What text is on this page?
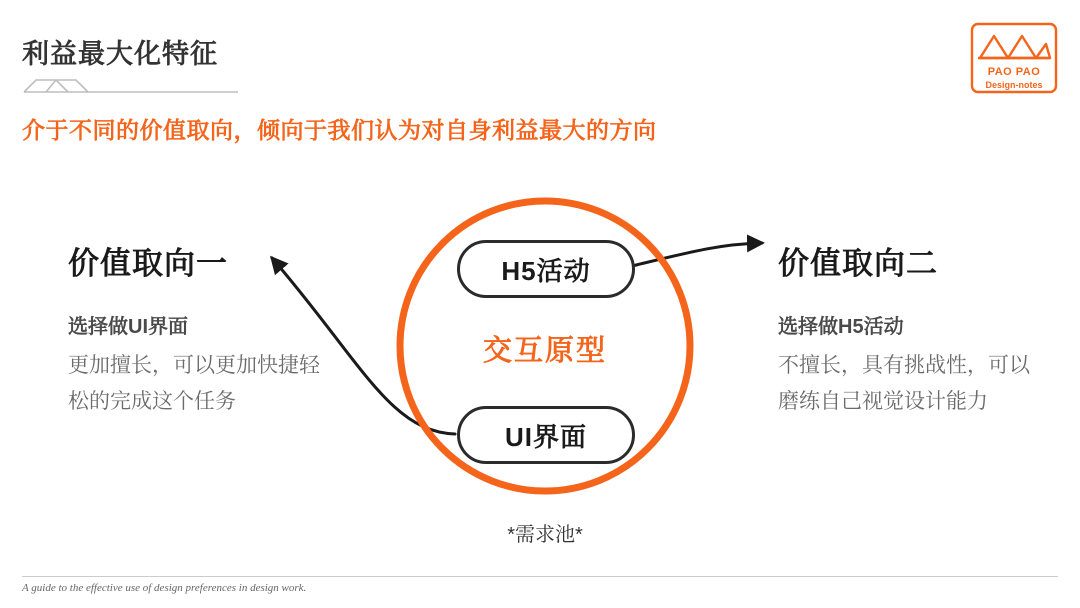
利益最大化特征
介于不同的价值取向，倾向于我们认为对自身利益最大的方向
PAO PAO
Design-notes
H5活动
交互原型
UI界面
*需求池*
价值取向一
选择做UI界面
更加擅长，可以更加快捷轻松的完成这个任务
价值取向二
选择做H5活动
不擅长，具有挑战性，可以磨练自己视觉设计能力
A guide to the effective use of design preferences in design work.
